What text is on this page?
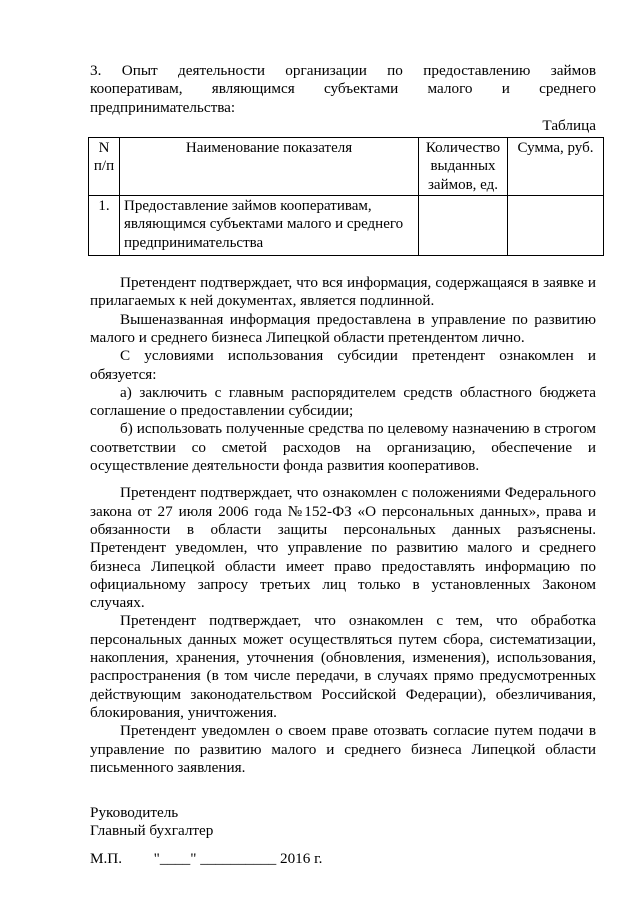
3. Опыт деятельности организации по предоставлению займов

кооперативам, являющимся субъектами малого и среднего

предпринимательства:

Таблица

N п/п	Наименование показателя	Количество выданных займов, ед.	Сумма, руб.
1.	Предоставление займов кооперативам, являющимся субъектами малого и среднего предпринимательства		

Претендент подтверждает, что вся информация, содержащаяся в заявке и прилагаемых к ней документах, является подлинной.

Вышеназванная информация предоставлена в управление по развитию малого и среднего бизнеса Липецкой области претендентом лично.

С условиями использования субсидии претендент ознакомлен и обязуется:

а) заключить с главным распорядителем средств областного бюджета соглашение о предоставлении субсидии;

б) использовать полученные средства по целевому назначению в строгом соответствии со сметой расходов на организацию, обеспечение и осуществление деятельности фонда развития кооперативов.

Претендент подтверждает, что ознакомлен с положениями Федерального закона от 27 июля 2006 года №152-ФЗ «О персональных данных», права и обязанности в области защиты персональных данных разъяснены. Претендент уведомлен, что управление по развитию малого и среднего бизнеса Липецкой области имеет право предоставлять информацию по официальному запросу третьих лиц только в установленных Законом случаях.

Претендент подтверждает, что ознакомлен с тем, что обработка персональных данных может осуществляться путем сбора, систематизации, накопления, хранения, уточнения (обновления, изменения), использования, распространения (в том числе передачи, в случаях прямо предусмотренных действующим законодательством Российской Федерации), обезличивания, блокирования, уничтожения.

Претендент уведомлен о своем праве отозвать согласие путем подачи в управление по развитию малого и среднего бизнеса Липецкой области письменного заявления.

Руководитель

Главный бухгалтер

М.П. "____" __________ 2016 г.
